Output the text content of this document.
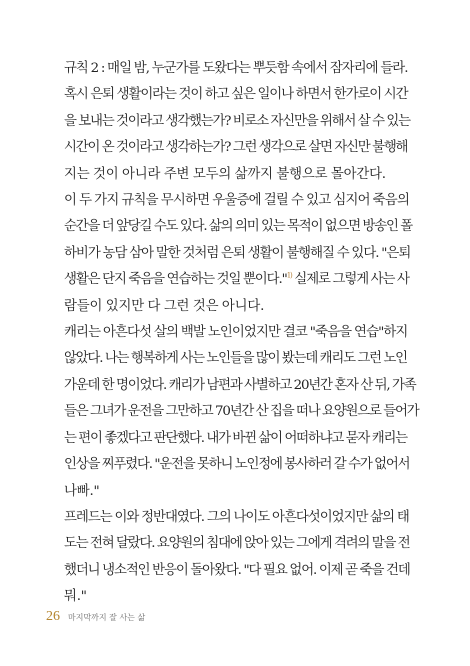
규칙 2 : 매일 밤, 누군가를 도왔다는 뿌듯함 속에서 잠자리에 들라.

혹시 은퇴 생활이라는 것이 하고 싶은 일이나 하면서 한가로이 시간
을 보내는 것이라고 생각했는가? 비로소 자신만을 위해서 살 수 있는
시간이 온 것이라고 생각하는가? 그런 생각으로 살면 자신만 불행해
지는 것이 아니라 주변 모두의 삶까지 불행으로 몰아간다.

이 두 가지 규칙을 무시하면 우울증에 걸릴 수 있고 심지어 죽음의
순간을 더 앞당길 수도 있다. 삶의 의미 있는 목적이 없으면 방송인 폴
하비가 농담 삼아 말한 것처럼 은퇴 생활이 불행해질 수 있다. "은퇴
생활은 단지 죽음을 연습하는 것일 뿐이다."$^{1)}$ 실제로 그렇게 사는 사
람들이 있지만 다 그런 것은 아니다.

캐리는 아흔다섯 살의 백발 노인이었지만 결코 "죽음을 연습"하지
않았다. 나는 행복하게 사는 노인들을 많이 봤는데 캐리도 그런 노인
가운데 한 명이었다. 캐리가 남편과 사별하고 20년간 혼자 산 뒤, 가족
들은 그녀가 운전을 그만하고 70년간 산 집을 떠나 요양원으로 들어가
는 편이 좋겠다고 판단했다. 내가 바뀐 삶이 어떠하냐고 묻자 캐리는
인상을 찌푸렸다. "운전을 못하니 노인정에 봉사하러 갈 수가 없어서
나빠."

프레드는 이와 정반대였다. 그의 나이도 아흔다섯이었지만 삶의 태
도는 전혀 달랐다. 요양원의 침대에 앉아 있는 그에게 격려의 말을 전
했더니 냉소적인 반응이 돌아왔다. "다 필요 없어. 이제 곧 죽을 건데
뭐."

26 마지막까지 잘 사는 삶
